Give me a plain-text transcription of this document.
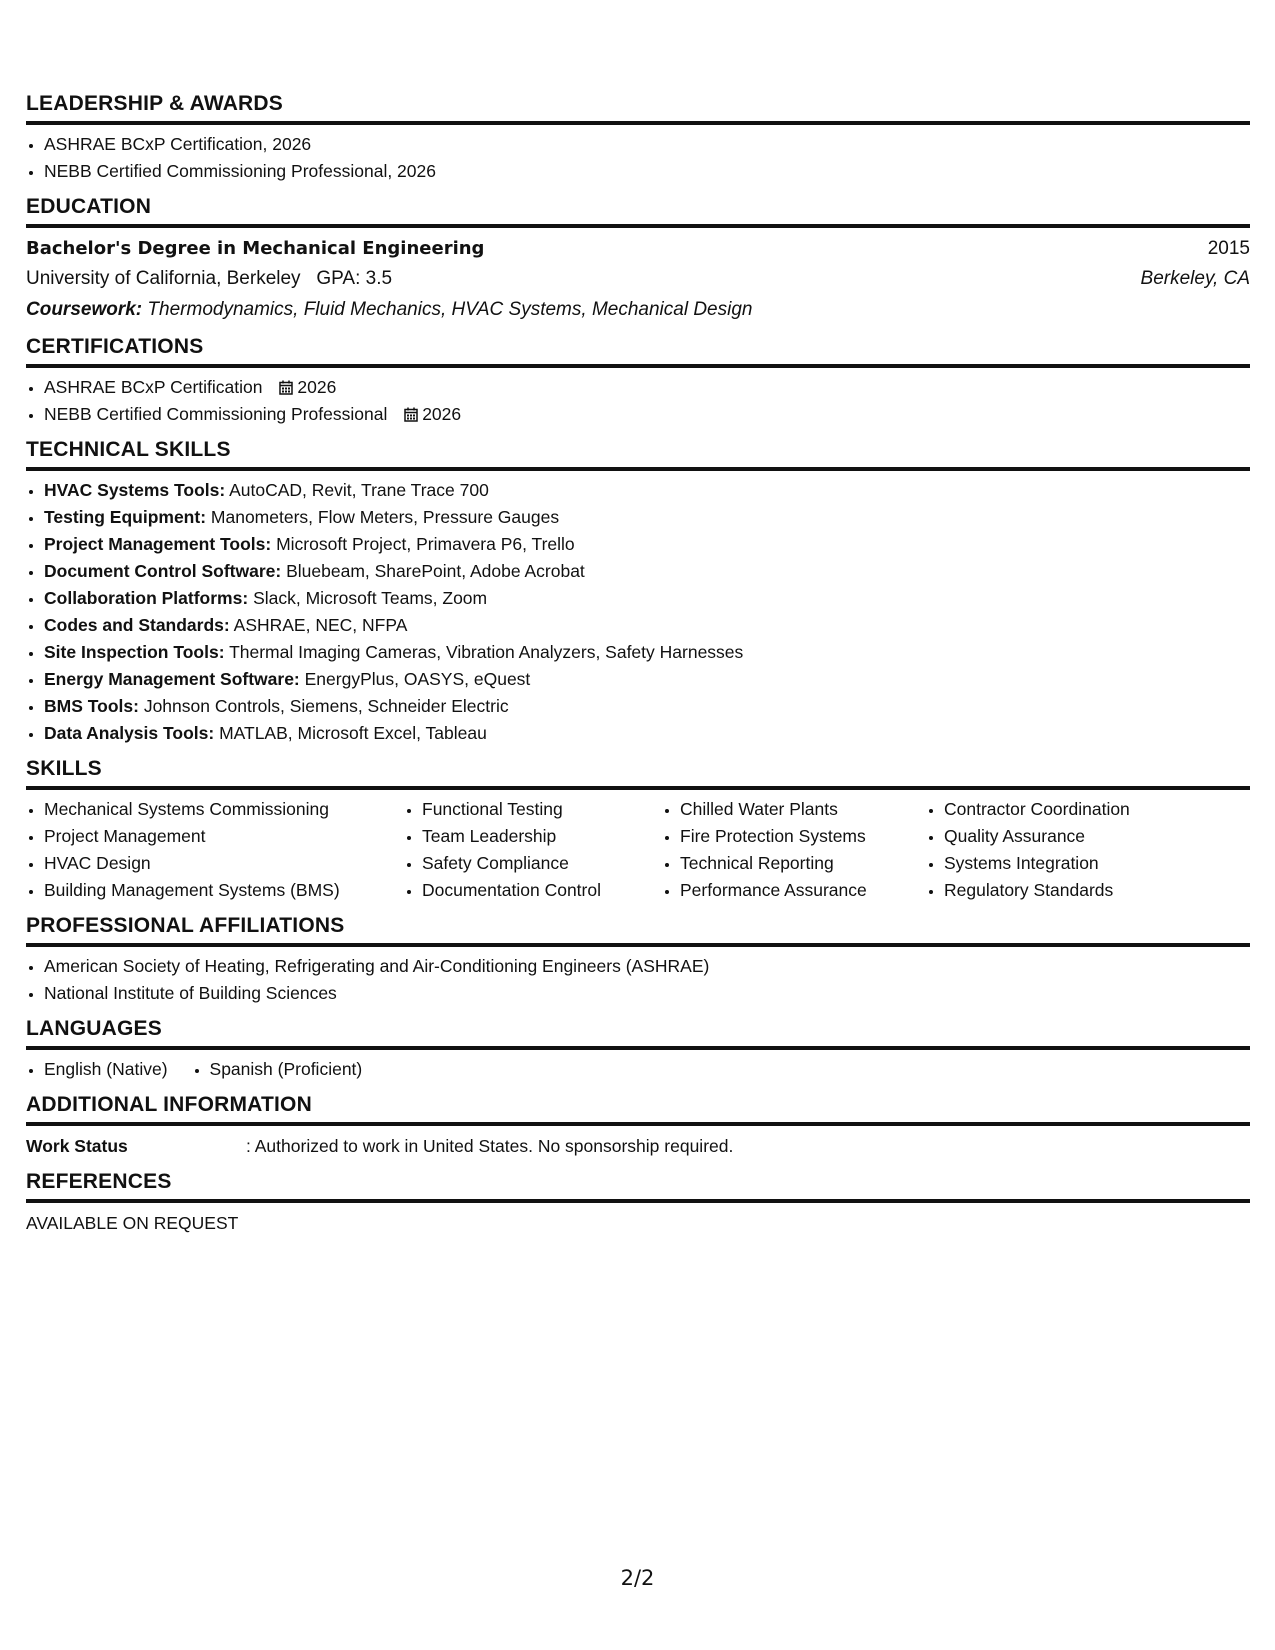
LEADERSHIP & AWARDS
• ASHRAE BCxP Certification, 2026
• NEBB Certified Commissioning Professional, 2026
EDUCATION
Bachelor's Degree in Mechanical Engineering	2015
University of California, Berkeley GPA: 3.5	Berkeley, CA
Coursework: Thermodynamics, Fluid Mechanics, HVAC Systems, Mechanical Design
CERTIFICATIONS
• ASHRAE BCxP Certification 2026
• NEBB Certified Commissioning Professional 2026
TECHNICAL SKILLS
• HVAC Systems Tools: AutoCAD, Revit, Trane Trace 700
• Testing Equipment: Manometers, Flow Meters, Pressure Gauges
• Project Management Tools: Microsoft Project, Primavera P6, Trello
• Document Control Software: Bluebeam, SharePoint, Adobe Acrobat
• Collaboration Platforms: Slack, Microsoft Teams, Zoom
• Codes and Standards: ASHRAE, NEC, NFPA
• Site Inspection Tools: Thermal Imaging Cameras, Vibration Analyzers, Safety Harnesses
• Energy Management Software: EnergyPlus, OASYS, eQuest
• BMS Tools: Johnson Controls, Siemens, Schneider Electric
• Data Analysis Tools: MATLAB, Microsoft Excel, Tableau
SKILLS
• Mechanical Systems Commissioning
• Project Management
• HVAC Design
• Building Management Systems (BMS)
• Functional Testing
• Team Leadership
• Safety Compliance
• Documentation Control
• Chilled Water Plants
• Fire Protection Systems
• Technical Reporting
• Performance Assurance
• Contractor Coordination
• Quality Assurance
• Systems Integration
• Regulatory Standards
PROFESSIONAL AFFILIATIONS
• American Society of Heating, Refrigerating and Air-Conditioning Engineers (ASHRAE)
• National Institute of Building Sciences
LANGUAGES
• English (Native)
• Spanish (Proficient)
ADDITIONAL INFORMATION
Work Status	: Authorized to work in United States. No sponsorship required.
REFERENCES
AVAILABLE ON REQUEST
2/2
